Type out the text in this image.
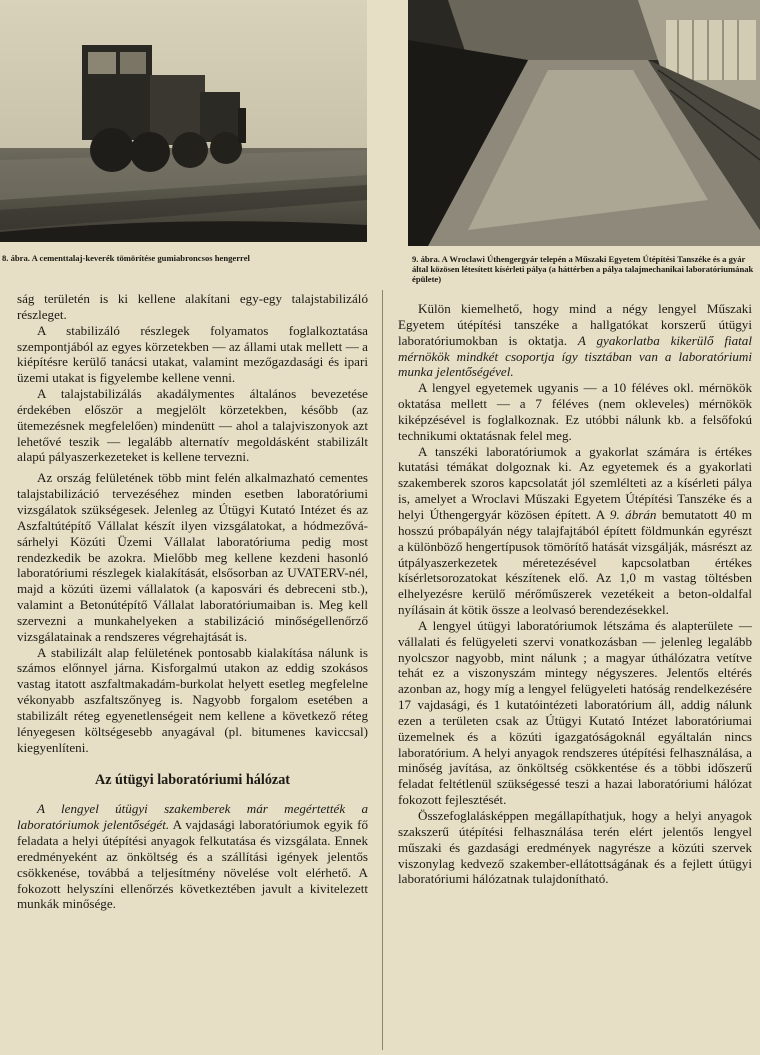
8. ábra. A cementtalaj-keverék tömörítése gumiabroncsos hengerrel	9. ábra. A Wroclawi Úthengergyár telepén a Műszaki Egyetem Útépítési Tanszéke és a gyár által közösen létesített kísérleti pálya (a háttérben a pálya talajmechanikai laboratóriumának épülete)

ság területén is ki kellene alakítani egy-egy talajstabilizáló részleget.

A stabilizáló részlegek folyamatos foglalkoztatása szempontjából az egyes körzetekben — az állami utak mellett — a kiépítésre kerülő tanácsi utakat, valamint mezőgazdasági és ipari üzemi utakat is figyelembe kellene venni.

A talajstabilizálás akadálymentes általános bevezetése érdekében először a megjelölt körzetekben, később (az ütemezésnek megfelelően) mindenütt — ahol a talajviszonyok azt lehetővé teszik — legalább alternatív megoldásként stabilizált alapú pályaszerkezeteket is kellene tervezni.

Az ország felületének több mint felén alkalmazható cementes talajstabilizáció tervezéséhez minden esetben laboratóriumi vizsgálatok szükségesek. Jelenleg az Útügyi Kutató Intézet és az Aszfaltútépítő Vállalat készít ilyen vizsgálatokat, a hódmezővásárhelyi Közúti Üzemi Vállalat laboratóriuma pedig most rendezkedik be azokra. Mielőbb meg kellene kezdeni hasonló laboratóriumi részlegek kialakítását, elsősorban az UVATERV-nél, majd a közúti üzemi vállalatok (a kaposvári és debreceni stb.), valamint a Betonútépítő Vállalat laboratóriumaiban is. Meg kell szervezni a munkahelyeken a stabilizáció minőségellenőrző vizsgálatainak a rendszeres végrehajtását is.

A stabilizált alap felületének pontosabb kialakítása nálunk is számos előnnyel járna. Kisforgalmú utakon az eddig szokásos vastag itatott aszfaltmakadám-burkolat helyett esetleg megfelelne vékonyabb aszfaltszőnyeg is. Nagyobb forgalom esetében a stabilizált réteg egyenetlenségeit nem kellene a következő réteg lényegesen költségesebb anyagával (pl. bitumenes kaviccsal) kiegyenlíteni.

Az útügyi laboratóriumi hálózat

A lengyel útügyi szakemberek már megértették a laboratóriumok jelentőségét. A vajdasági laboratóriumok egyik fő feladata a helyi útépítési anyagok felkutatása és vizsgálata. Ennek eredményeként az önköltség és a szállítási igények jelentős csökkenése, továbbá a teljesítmény növelése volt elérhető. A fokozott helyszíni ellenőrzés következtében javult a kivitelezett munkák minősége.

Külön kiemelhető, hogy mind a négy lengyel Műszaki Egyetem útépítési tanszéke a hallgatókat korszerű útügyi laboratóriumokban is oktatja. A gyakorlatba kikerülő fiatal mérnökök mindkét csoportja így tisztában van a laboratóriumi munka jelentőségével.

A lengyel egyetemek ugyanis — a 10 féléves okl. mérnökök oktatása mellett — a 7 féléves (nem okleveles) mérnökök kiképzésével is foglalkoznak. Ez utóbbi nálunk kb. a felsőfokú technikumi oktatásnak felel meg.

A tanszéki laboratóriumok a gyakorlat számára is értékes kutatási témákat dolgoznak ki. Az egyetemek és a gyakorlati szakemberek szoros kapcsolatát jól szemlélteti az a kísérleti pálya is, amelyet a Wroclavi Műszaki Egyetem Útépítési Tanszéke és a helyi Úthengergyár közösen épített. A 9. ábrán bemutatott 40 m hosszú próbapályán négy talajfajtából épített földmunkán egyrészt a különböző hengertípusok tömörítő hatását vizsgálják, másrészt az útpályaszerkezetek méretezésével kapcsolatban értékes kísérletsorozatokat készítenek elő. Az 1,0 m vastag töltésben elhelyezésre kerülő mérőműszerek vezetékeit a beton-oldalfal nyílásain át kötik össze a leolvasó berendezésekkel.

A lengyel útügyi laboratóriumok létszáma és alapterülete — vállalati és felügyeleti szervi vonatkozásban — jelenleg legalább nyolcszor nagyobb, mint nálunk ; a magyar úthálózatra vetítve tehát ez a viszonyszám mintegy négyszeres. Jelentős eltérés azonban az, hogy míg a lengyel felügyeleti hatóság rendelkezésére 17 vajdasági, és 1 kutatóintézeti laboratórium áll, addig nálunk ezen a területen csak az Útügyi Kutató Intézet laboratóriumai üzemelnek és a közúti igazgatóságoknál egyáltalán nincs laboratórium. A helyi anyagok rendszeres útépítési felhasználása, a minőség javítása, az önköltség csökkentése és a többi időszerű feladat feltétlenül szükségessé teszi a hazai laboratóriumi hálózat fokozott fejlesztését.

Összefoglalásképpen megállapíthatjuk, hogy a helyi anyagok szakszerű útépítési felhasználása terén elért jelentős lengyel műszaki és gazdasági eredmények nagyrésze a közúti szervek viszonylag kedvező szakember-ellátottságának és a fejlett útügyi laboratóriumi hálózatnak tulajdonítható.
